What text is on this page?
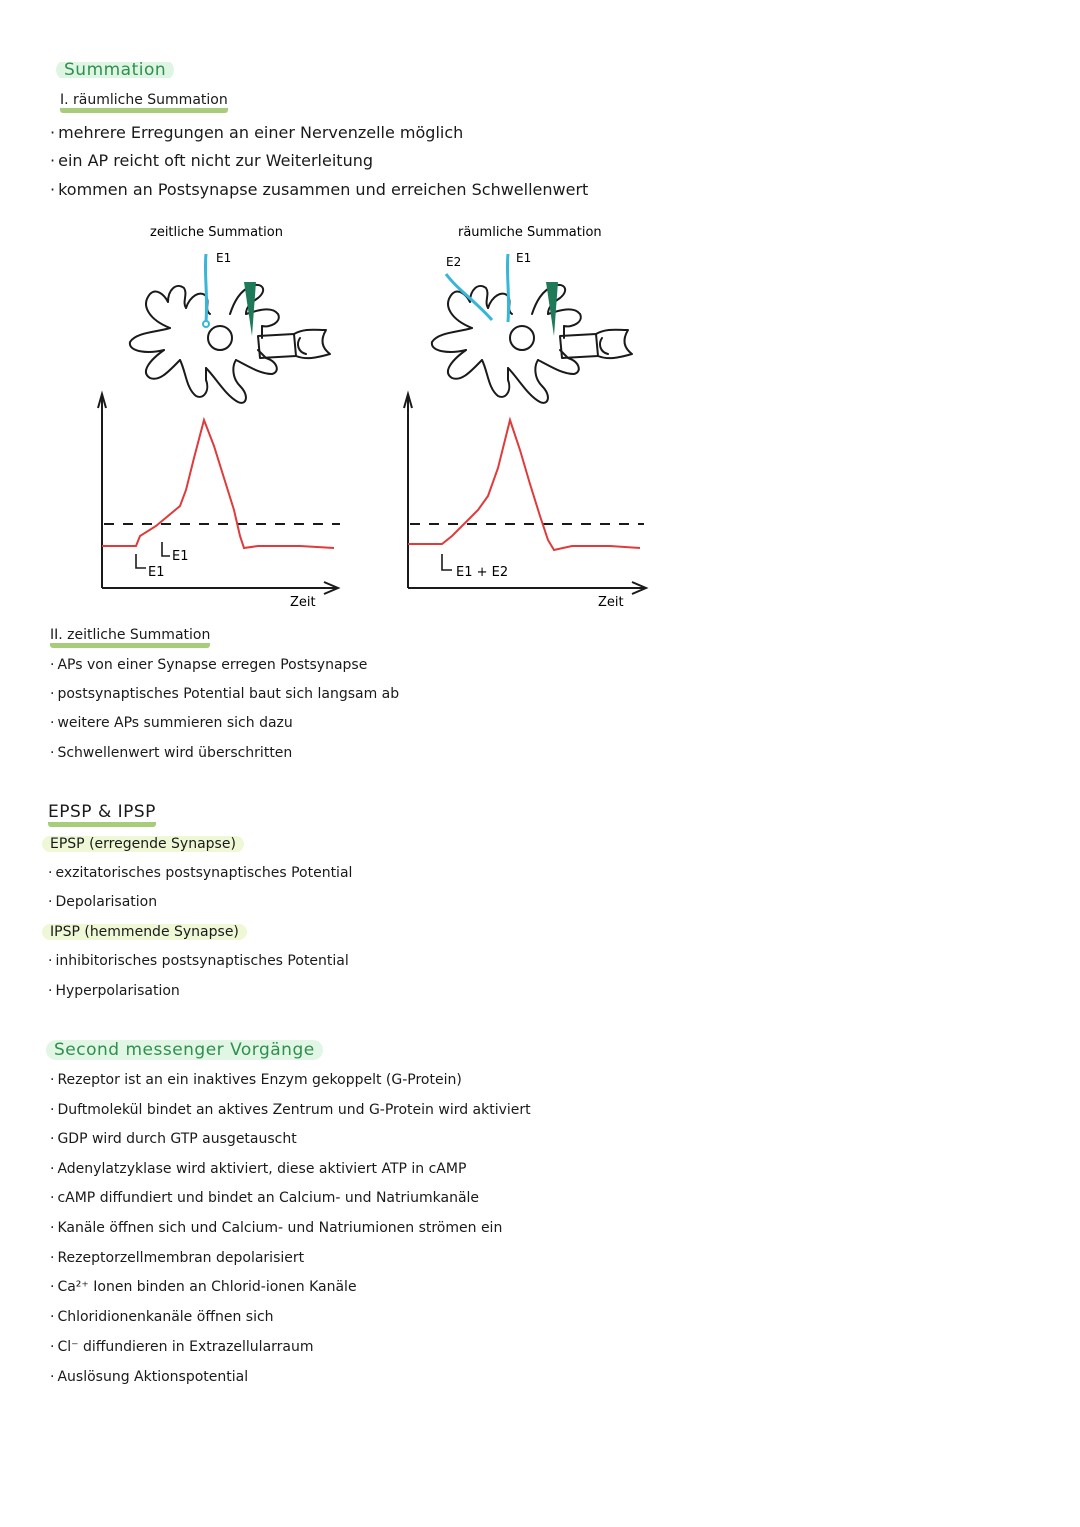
Summation
I. räumliche Summation
· mehrere Erregungen an einer Nervenzelle möglich
· ein AP reicht oft nicht zur Weiterleitung
· kommen an Postsynapse zusammen und erreichen Schwellenwert
zeitliche Summation
E1
E1
E1
Zeit
räumliche Summation
E2	E1
E1 + E2
Zeit
II. zeitliche Summation
· APs von einer Synapse erregen Postsynapse
· postsynaptisches Potential baut sich langsam ab
· weitere APs summieren sich dazu
· Schwellenwert wird überschritten
EPSP & IPSP
EPSP (erregende Synapse)
· exzitatorisches postsynaptisches Potential
· Depolarisation
IPSP (hemmende Synapse)
· inhibitorisches postsynaptisches Potential
· Hyperpolarisation
Second messenger Vorgänge
· Rezeptor ist an ein inaktives Enzym gekoppelt (G-Protein)
· Duftmolekül bindet an aktives Zentrum und G-Protein wird aktiviert
· GDP wird durch GTP ausgetauscht
· Adenylatzyklase wird aktiviert, diese aktiviert ATP in cAMP
· cAMP diffundiert und bindet an Calcium- und Natriumkanäle
· Kanäle öffnen sich und Calcium- und Natriumionen strömen ein
· Rezeptorzellmembran depolarisiert
· Ca²⁺ Ionen binden an Chlorid-ionen Kanäle
· Chloridionenkanäle öffnen sich
· Cl⁻ diffundieren in Extrazellularraum
· Auslösung Aktionspotential
